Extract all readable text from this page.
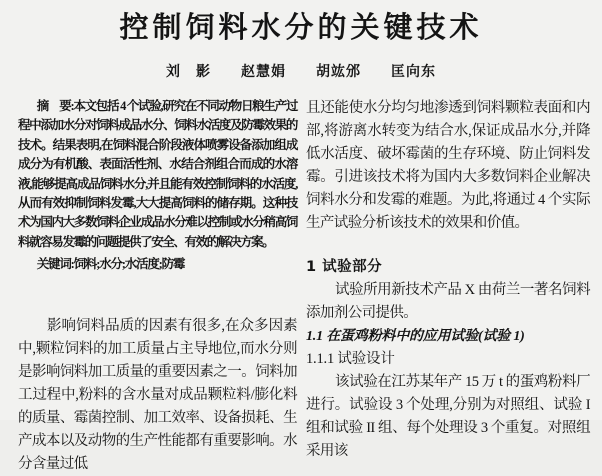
控制饲料水分的关键技术
刘　影　　赵慧娟　　胡竑邠　　匡向东

摘　要:本文包括 4 个试验,研究在不同动物日粮生产过程中添加水分对饲料成品水分、饲料水活度及防霉效果的技术。结果表明,在饲料混合阶段液体喷雾设备添加组成成分为有机酸、表面活性剂、水结合剂组合而成的水溶液,能够提高成品饲料水分,并且能有效控制饲料的水活度,从而有效抑制饲料发霉,大大提高饲料的储存期。这种技术为国内大多数饲料企业成品水分难以控制或水分稍高饲料就容易发霉的问题提供了安全、有效的解决方案。

关键词:饲料;水分;水活度;防霉

影响饲料品质的因素有很多,在众多因素中,颗粒饲料的加工质量占主导地位,而水分则是影响饲料加工质量的重要因素之一。饲料加工过程中,粉料的含水量对成品颗粒料/膨化料的质量、霉菌控制、加工效率、设备损耗、生产成本以及动物的生产性能都有重要影响。水分含量过低

且还能使水分均匀地渗透到饲料颗粒表面和内部,将游离水转变为结合水,保证成品水分,并降低水活度、破坏霉菌的生存环境、防止饲料发霉。引进该技术将为国内大多数饲料企业解决饲料水分和发霉的难题。为此,将通过 4 个实际生产试验分析该技术的效果和价值。

1 试验部分

试验所用新技术产品 X 由荷兰一著名饲料添加剂公司提供。

1.1 在蛋鸡粉料中的应用试验(试验 1)
1.1.1 试验设计

该试验在江苏某年产 15 万 t 的蛋鸡粉料厂进行。试验设 3 个处理,分别为对照组、试验 I 组和试验 II 组、每个处理设 3 个重复。对照组采用该
